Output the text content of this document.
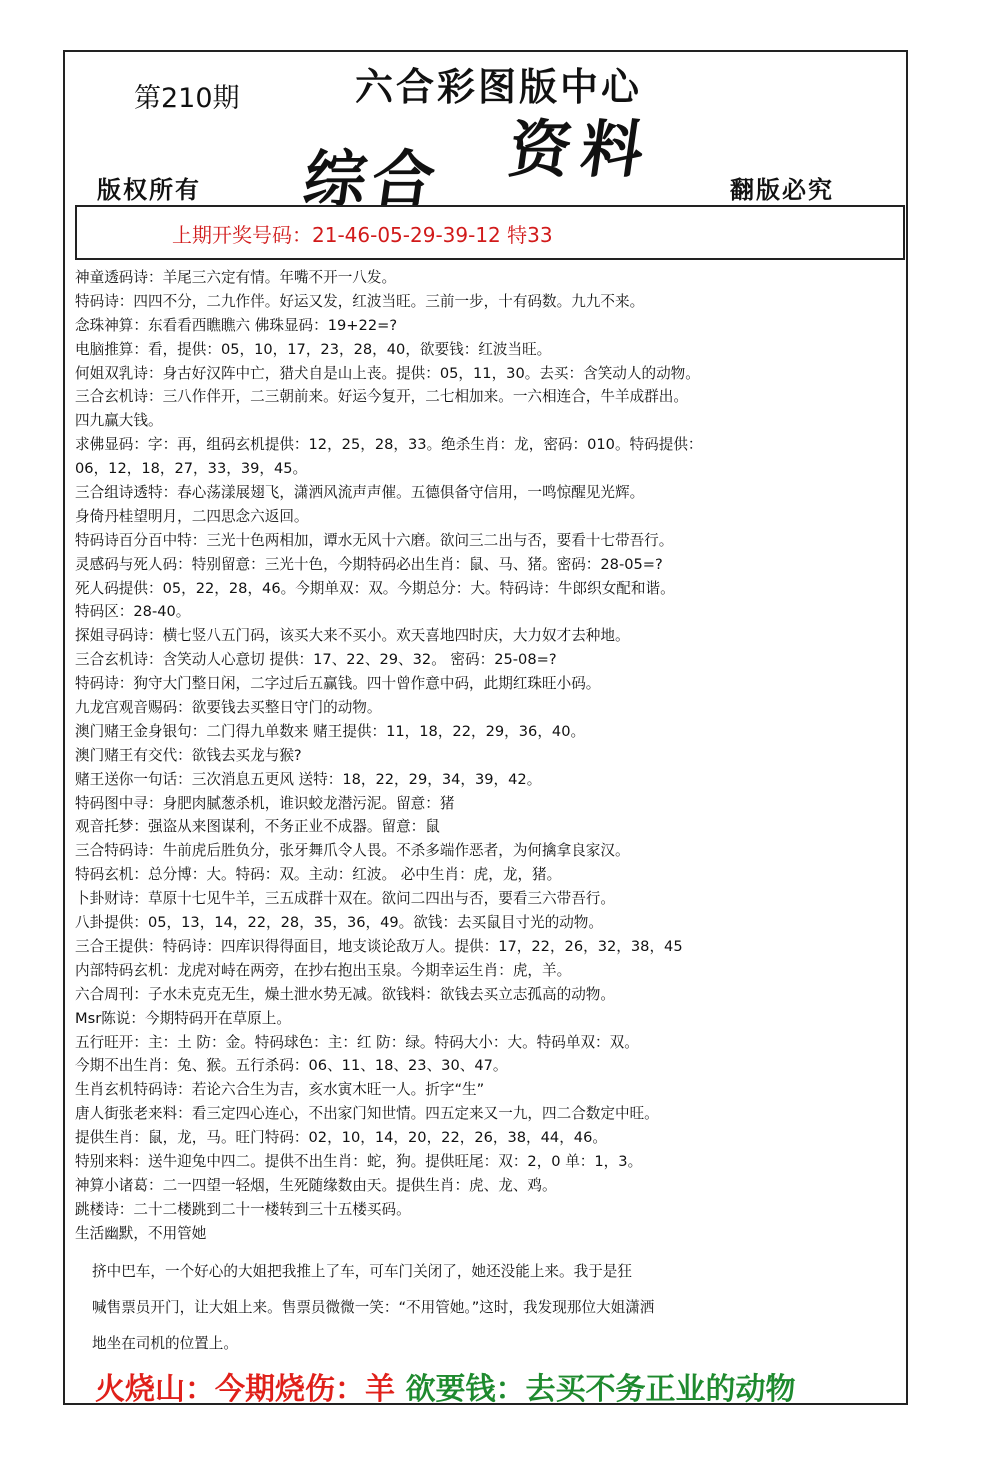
第210期	六合彩图版中心
综合 资料
版权所有	翻版必究
上期开奖号码：21-46-05-29-39-12 特33
神童透码诗：羊尾三六定有情。年嘴不开一八发。
特码诗：四四不分，二九作伴。好运又发，红波当旺。三前一步，十有码数。九九不来。
念珠神算：东看看西瞧瞧六 佛珠显码：19+22=?
电脑推算：看，提供：05，10，17，23，28，40，欲要钱：红波当旺。
何姐双乳诗：身古好汉阵中亡，猎犬自是山上丧。提供：05，11，30。去买：含笑动人的动物。
三合玄机诗：三八作伴开，二三朝前来。好运今复开，二七相加来。一六相连合，牛羊成群出。
四九赢大钱。
求佛显码：字：再，组码玄机提供：12，25，28，33。绝杀生肖：龙，密码：010。特码提供：
06，12，18，27，33，39，45。
三合组诗透特：春心荡漾展翅飞，潇洒风流声声催。五德俱备守信用，一鸣惊醒见光辉。
身倚丹桂望明月，二四思念六返回。
特码诗百分百中特：三光十色两相加，谭水无风十六磨。欲问三二出与否，要看十七带吾行。
灵感码与死人码：特别留意：三光十色，今期特码必出生肖：鼠、马、猪。密码：28-05=?
死人码提供：05，22，28，46。今期单双：双。今期总分：大。特码诗：牛郎织女配和谐。
特码区：28-40。
探姐寻码诗：横七竖八五门码，该买大来不买小。欢天喜地四时庆，大力奴才去种地。
三合玄机诗：含笑动人心意切 提供：17、22、29、32。 密码：25-08=?
特码诗：狗守大门整日闲，二字过后五赢钱。四十曾作意中码，此期红珠旺小码。
九龙宫观音赐码：欲要钱去买整日守门的动物。
澳门赌王金身银句：二门得九单数来 赌王提供：11，18，22，29，36，40。
澳门赌王有交代：欲钱去买龙与猴?
赌王送你一句话：三次消息五更风 送特：18，22，29，34，39，42。
特码图中寻：身肥肉腻葱杀机，谁识蛟龙潜污泥。留意：猪
观音托梦：强盗从来图谋利，不务正业不成器。留意：鼠
三合特码诗：牛前虎后胜负分，张牙舞爪令人畏。不杀多端作恶者，为何擒拿良家汉。
特码玄机：总分博：大。特码：双。主动：红波。 必中生肖：虎，龙，猪。
卜卦财诗：草原十七见牛羊，三五成群十双在。欲问二四出与否，要看三六带吾行。
八卦提供：05，13，14，22，28，35，36，49。欲钱：去买鼠目寸光的动物。
三合王提供：特码诗：四库识得得面目，地支谈论敌万人。提供：17，22，26，32，38，45
内部特码玄机：龙虎对峙在两旁，在抄右抱出玉泉。今期幸运生肖：虎，羊。
六合周刊：子水未克克无生，燥土泄水势无减。欲钱料：欲钱去买立志孤高的动物。
Msr陈说：今期特码开在草原上。
五行旺开：主：土 防：金。特码球色：主：红 防：绿。特码大小：大。特码单双：双。
今期不出生肖：兔、猴。五行杀码：06、11、18、23、30、47。
生肖玄机特码诗：若论六合生为吉，亥水寅木旺一人。折字“生”
唐人街张老来料：看三定四心连心，不出家门知世情。四五定来又一九，四二合数定中旺。
提供生肖：鼠，龙，马。旺门特码：02，10，14，20，22，26，38，44，46。
特别来料：送牛迎兔中四二。提供不出生肖：蛇，狗。提供旺尾：双：2，0 单：1，3。
神算小诸葛：二一四望一轻烟，生死随缘数由天。提供生肖：虎、龙、鸡。
跳楼诗：二十二楼跳到二十一楼转到三十五楼买码。
生活幽默，不用管她
挤中巴车，一个好心的大姐把我推上了车，可车门关闭了，她还没能上来。我于是狂
喊售票员开门，让大姐上来。售票员微微一笑：“不用管她。”这时，我发现那位大姐潇洒
地坐在司机的位置上。
火烧山：今期烧伤：羊 欲要钱：去买不务正业的动物
